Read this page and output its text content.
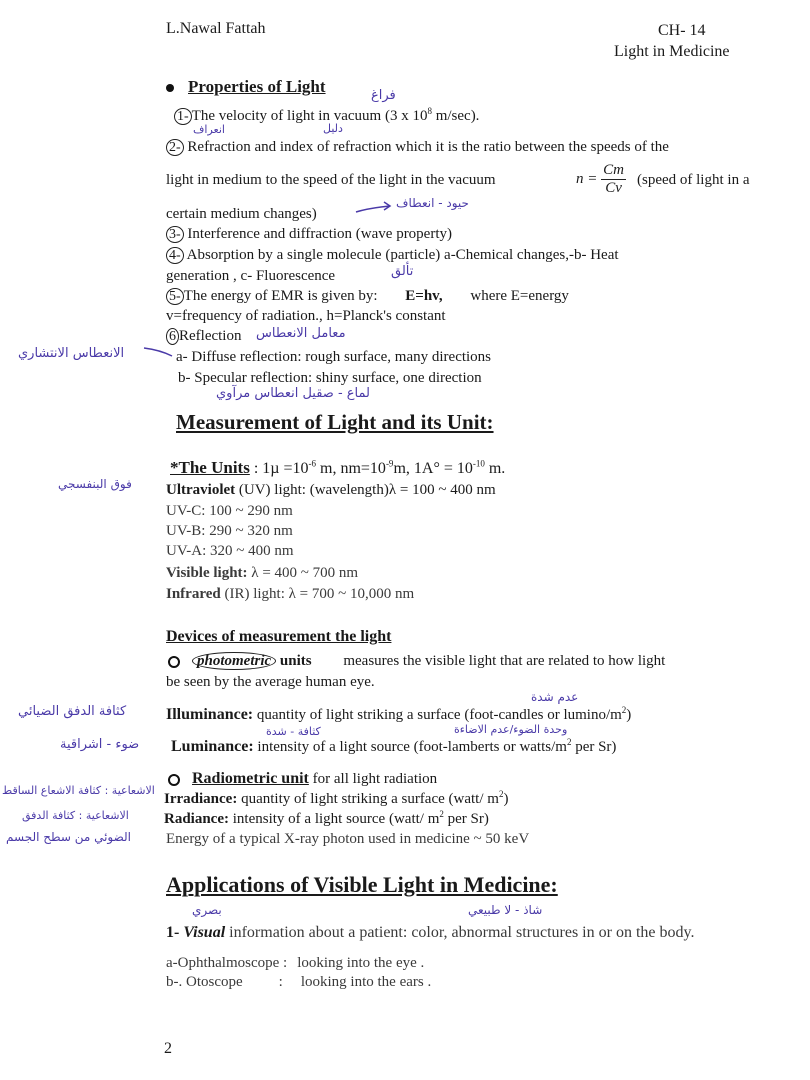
L.Nawal Fattah	CH- 14
Light in Medicine
Properties of Light	فراغ
1- The velocity of light in vacuum (3 x $10^8$ m/sec).
انعراف	دليل
2- Refraction and index of refraction which it is the ratio between the speeds of the
light in medium to the speed of the light in the vacuum	$n = \frac{Cm}{Cv}$ (speed of light in a
certain medium changes)
حيود - انعطاف
3- Interference and diffraction (wave property)
4- Absorption by a single molecule (particle) a-Chemical changes,-b- Heat
generation , c- Fluorescence	تألق
5- The energy of EMR is given by: E=hv, where E=energy
v=frequency of radiation., h=Planck's constant
6 Reflection معامل الانعطاس
الانعطاس الانتشاري	a- Diffuse reflection: rough surface, many directions
b- Specular reflection: shiny surface, one direction
لماع - صقيل انعطاس مرآوي
Measurement of Light and its Unit:
*The Units : $1\mu =10^{-6}$ m, $nm=10^{-9}m$, $1A^\circ = 10^{-10}$ m.
فوق البنفسجي Ultraviolet (UV) light: (wavelength)λ = 100 ~ 400 nm
UV-C: 100 ~ 290 nm
UV-B: 290 ~ 320 nm
UV-A: 320 ~ 400 nm
Visible light: λ = 400 ~ 700 nm
Infrared (IR) light: λ = 700 ~ 10,000 nm
Devices of measurement the light
photometric units measures the visible light that are related to how light
be seen by the average human eye.
عدم شدة
كثافة الدفق الضيائي Illuminance: quantity of light striking a surface (foot-candles or lumino/$m^2$)
وحدة الضوء/عدم الاضاءة
كثافة - شدة
ضوء - اشراقية Luminance: intensity of a light source (foot-lamberts or watts/$m^2$ per Sr)
Radiometric unit for all light radiation
الاشعاعية : كثافة الاشعاع الساقط
Irradiance: quantity of light striking a surface (watt/ $m^2$)
الاشعاعية : كثافة الدفق Radiance: intensity of a light source (watt/ $m^2$ per Sr)
الضوئي من سطح الجسم Energy of a typical X-ray photon used in medicine ~ 50 keV
Applications of Visible Light in Medicine:
بصري	شاذ - لا طبيعي
1- Visual information about a patient: color, abnormal structures in or on the body.
a-Ophthalmoscope : looking into the eye .
b-. Otoscope : looking into the ears .
2
